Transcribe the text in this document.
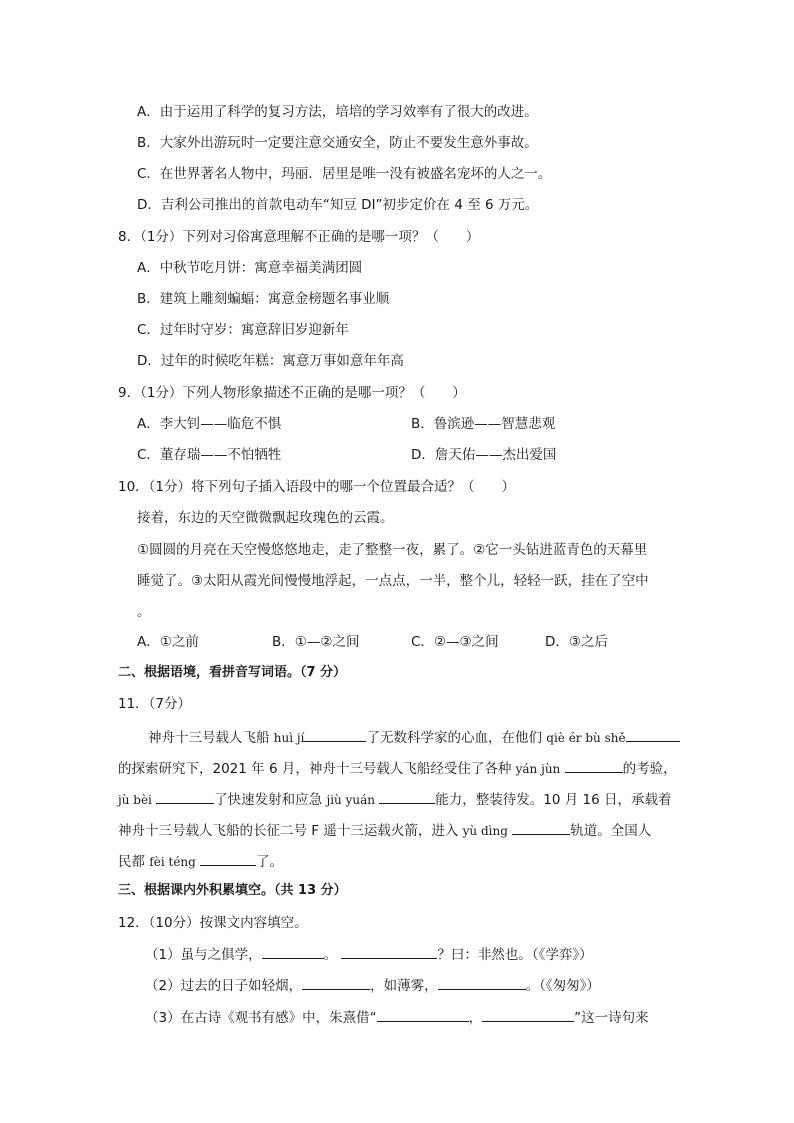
A．由于运用了科学的复习方法，培培的学习效率有了很大的改进。
B．大家外出游玩时一定要注意交通安全，防止不要发生意外事故。
C．在世界著名人物中，玛丽．居里是唯一没有被盛名宠坏的人之一。
D．吉利公司推出的首款电动车“知豆 DI”初步定价在 4 至 6 万元。
8．（1分）下列对习俗寓意理解不正确的是哪一项？（　　）
A．中秋节吃月饼：寓意幸福美满团圆
B．建筑上雕刻蝙蝠：寓意金榜题名事业顺
C．过年时守岁：寓意辞旧岁迎新年
D．过年的时候吃年糕：寓意万事如意年年高
9．（1分）下列人物形象描述不正确的是哪一项？（　　）
A．李大钊——临危不惧	B．鲁滨逊——智慧悲观
C．董存瑞——不怕牺牲	D．詹天佑——杰出爱国
10．（1分）将下列句子插入语段中的哪一个位置最合适？（　　）
接着，东边的天空微微飘起玫瑰色的云霞。
①圆圆的月亮在天空慢悠悠地走，走了整整一夜，累了。②它一头钻进蓝青色的天幕里
睡觉了。③太阳从霞光间慢慢地浮起，一点点，一半，整个儿，轻轻一跃，挂在了空中
。
A．①之前	B．①—②之间	C．②—③之间	D．③之后
二、根据语境，看拼音写词语。（7 分）
11．（7分）
神舟十三号载人飞船 huì jí	了无数科学家的心血，在他们 qiè ér bù shě
的探索研究下，2021 年 6 月，神舟十三号载人飞船经受住了各种 yán jùn	的考验，
jù bèi	了快速发射和应急 jiù yuán	能力，整装待发。10 月 16 日，承载着
神舟十三号载人飞船的长征二号 F 遥十三运载火箭，进入 yù dìng	轨道。全国人
民都 fèi téng	了。
三、根据课内外积累填空。（共 13 分）
12．（10分）按课文内容填空。
（1）虽与之俱学，	。	？曰：非然也。（《学弈》）
（2）过去的日子如轻烟，	，如薄雾，	。（《匆匆》）
（3）在古诗《观书有感》中，朱熹借“	，	”这一诗句来
